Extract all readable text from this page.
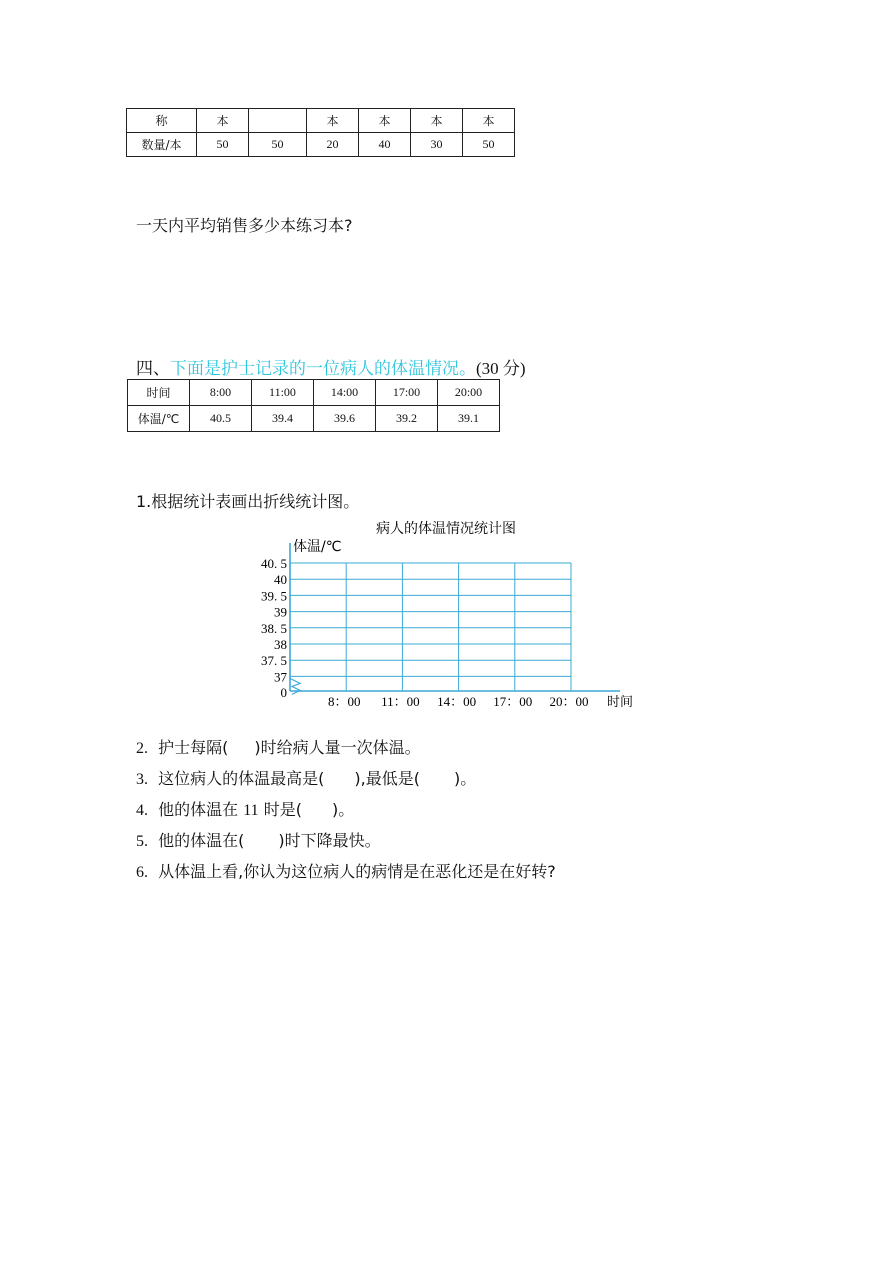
称	本		本	本	本	本
数量/本	50	50	20	40	30	50
一天内平均销售多少本练习本?
四、下面是护士记录的一位病人的体温情况。(30 分)
时间	8:00	11:00	14:00	17:00	20:00
体温/℃	40.5	39.4	39.6	39.2	39.1
1.根据统计表画出折线统计图。
病人的体温情况统计图
体温/℃
时间
40. 5
40
39. 5
39
38. 5
38
37. 5
37
0
8：00 11：00 14：00 17：00 20：00
2. 护士每隔( )时给病人量一次体温。
3. 这位病人的体温最高是( ),最低是( )。
4. 他的体温在 11 时是( )。
5. 他的体温在( )时下降最快。
6. 从体温上看,你认为这位病人的病情是在恶化还是在好转?
